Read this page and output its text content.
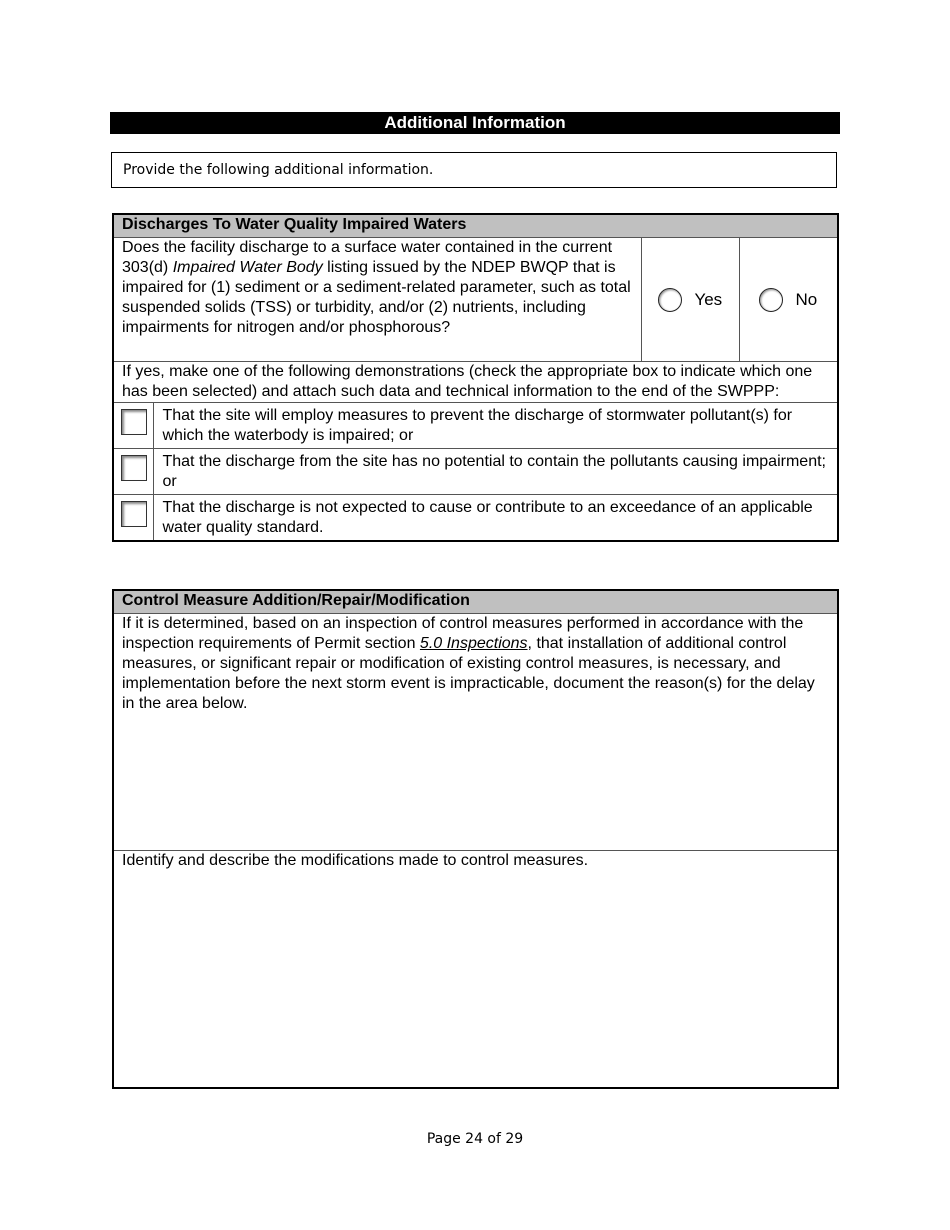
Additional Information
Provide the following additional information.
Discharges To Water Quality Impaired Waters			
Does the facility discharge to a surface water contained in the current 303(d) Impaired Water Body listing issued by the NDEP BWQP that is impaired for (1) sediment or a sediment-related parameter, such as total suspended solids (TSS) or turbidity, and/or (2) nutrients, including impairments for nitrogen and/or phosphorous?		Yes	No
If yes, make one of the following demonstrations (check the appropriate box to indicate which one has been selected) and attach such data and technical information to the end of the SWPPP:			
	That the site will employ measures to prevent the discharge of stormwater pollutant(s) for which the waterbody is impaired; or		
	That the discharge from the site has no potential to contain the pollutants causing impairment; or		
	That the discharge is not expected to cause or contribute to an exceedance of an applicable water quality standard.		
Control Measure Addition/Repair/Modification
If it is determined, based on an inspection of control measures performed in accordance with the inspection requirements of Permit section 5.0 Inspections, that installation of additional control measures, or significant repair or modification of existing control measures, is necessary, and implementation before the next storm event is impracticable, document the reason(s) for the delay in the area below.
Identify and describe the modifications made to control measures.
Page 24 of 29
